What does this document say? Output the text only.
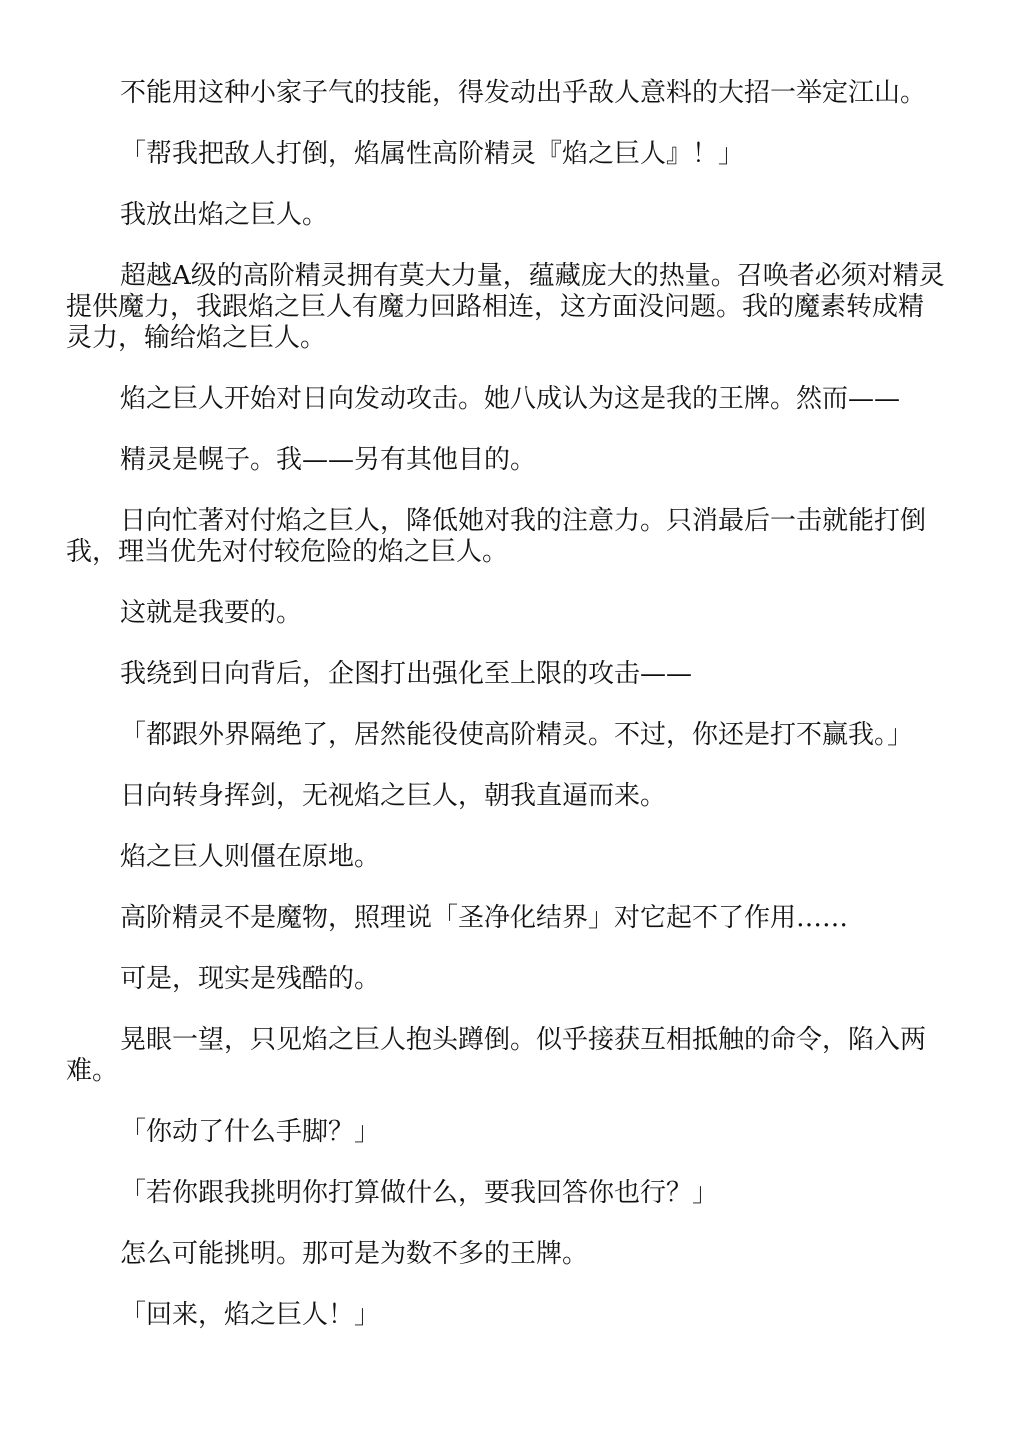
不能用这种小家子气的技能，得发动出乎敌人意料的大招一举定江山。

「帮我把敌人打倒，焰属性高阶精灵『焰之巨人』！」

我放出焰之巨人。

超越A级的高阶精灵拥有莫大力量，蕴藏庞大的热量。召唤者必须对精灵提供魔力，我跟焰之巨人有魔力回路相连，这方面没问题。我的魔素转成精灵力，输给焰之巨人。

焰之巨人开始对日向发动攻击。她八成认为这是我的王牌。然而——

精灵是幌子。我——另有其他目的。

日向忙著对付焰之巨人，降低她对我的注意力。只消最后一击就能打倒我，理当优先对付较危险的焰之巨人。

这就是我要的。

我绕到日向背后，企图打出强化至上限的攻击——

「都跟外界隔绝了，居然能役使高阶精灵。不过，你还是打不赢我。」

日向转身挥剑，无视焰之巨人，朝我直逼而来。

焰之巨人则僵在原地。

高阶精灵不是魔物，照理说「圣净化结界」对它起不了作用……

可是，现实是残酷的。

晃眼一望，只见焰之巨人抱头蹲倒。似乎接获互相抵触的命令，陷入两难。

「你动了什么手脚？」

「若你跟我挑明你打算做什么，要我回答你也行？」

怎么可能挑明。那可是为数不多的王牌。

「回来，焰之巨人！」
